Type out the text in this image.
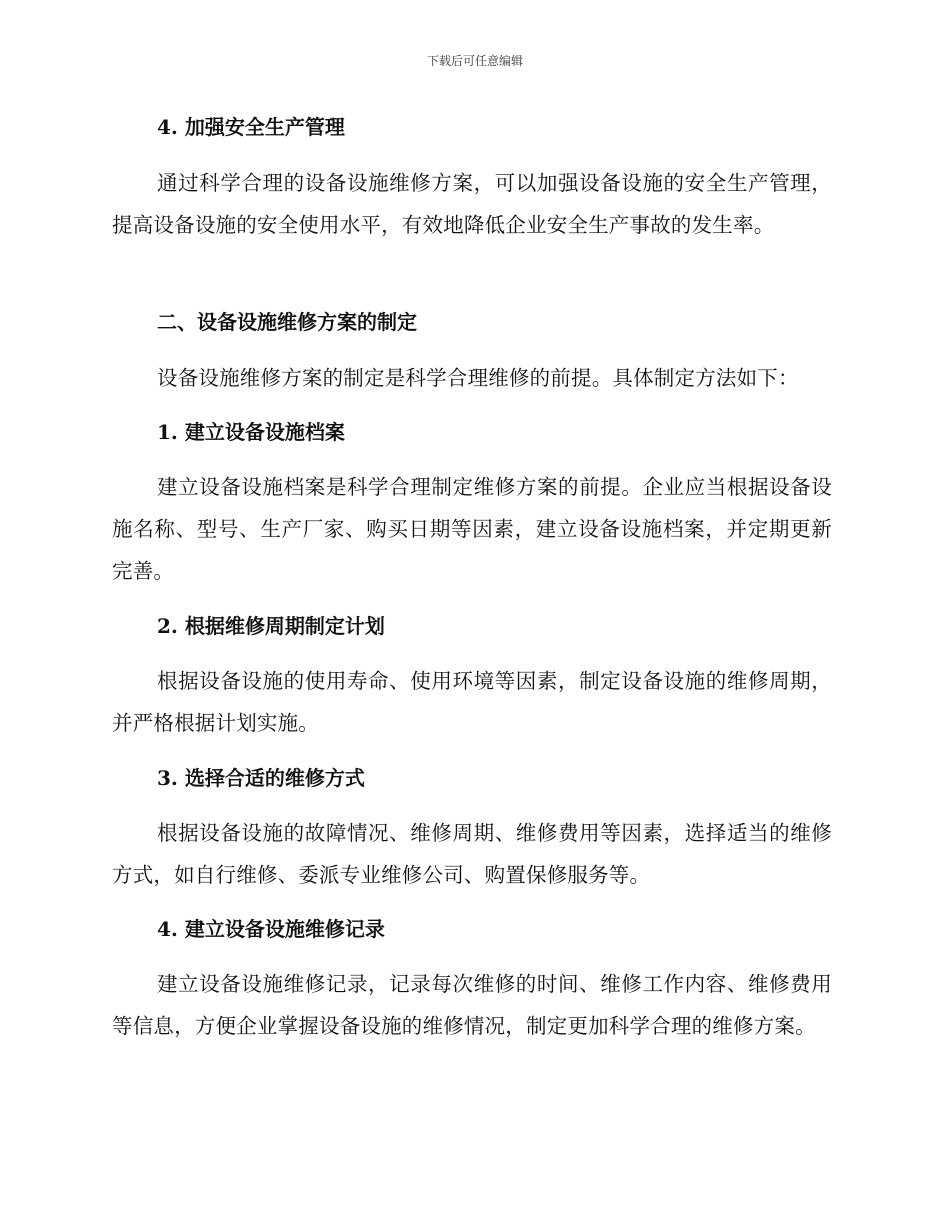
下载后可任意编辑
4. 加强安全生产管理
通过科学合理的设备设施维修方案，可以加强设备设施的安全生产管理，提高设备设施的安全使用水平，有效地降低企业安全生产事故的发生率。
二、设备设施维修方案的制定
设备设施维修方案的制定是科学合理维修的前提。具体制定方法如下：
1. 建立设备设施档案
建立设备设施档案是科学合理制定维修方案的前提。企业应当根据设备设施名称、型号、生产厂家、购买日期等因素，建立设备设施档案，并定期更新完善。
2. 根据维修周期制定计划
根据设备设施的使用寿命、使用环境等因素，制定设备设施的维修周期，并严格根据计划实施。
3. 选择合适的维修方式
根据设备设施的故障情况、维修周期、维修费用等因素，选择适当的维修方式，如自行维修、委派专业维修公司、购置保修服务等。
4. 建立设备设施维修记录
建立设备设施维修记录，记录每次维修的时间、维修工作内容、维修费用等信息，方便企业掌握设备设施的维修情况，制定更加科学合理的维修方案。
